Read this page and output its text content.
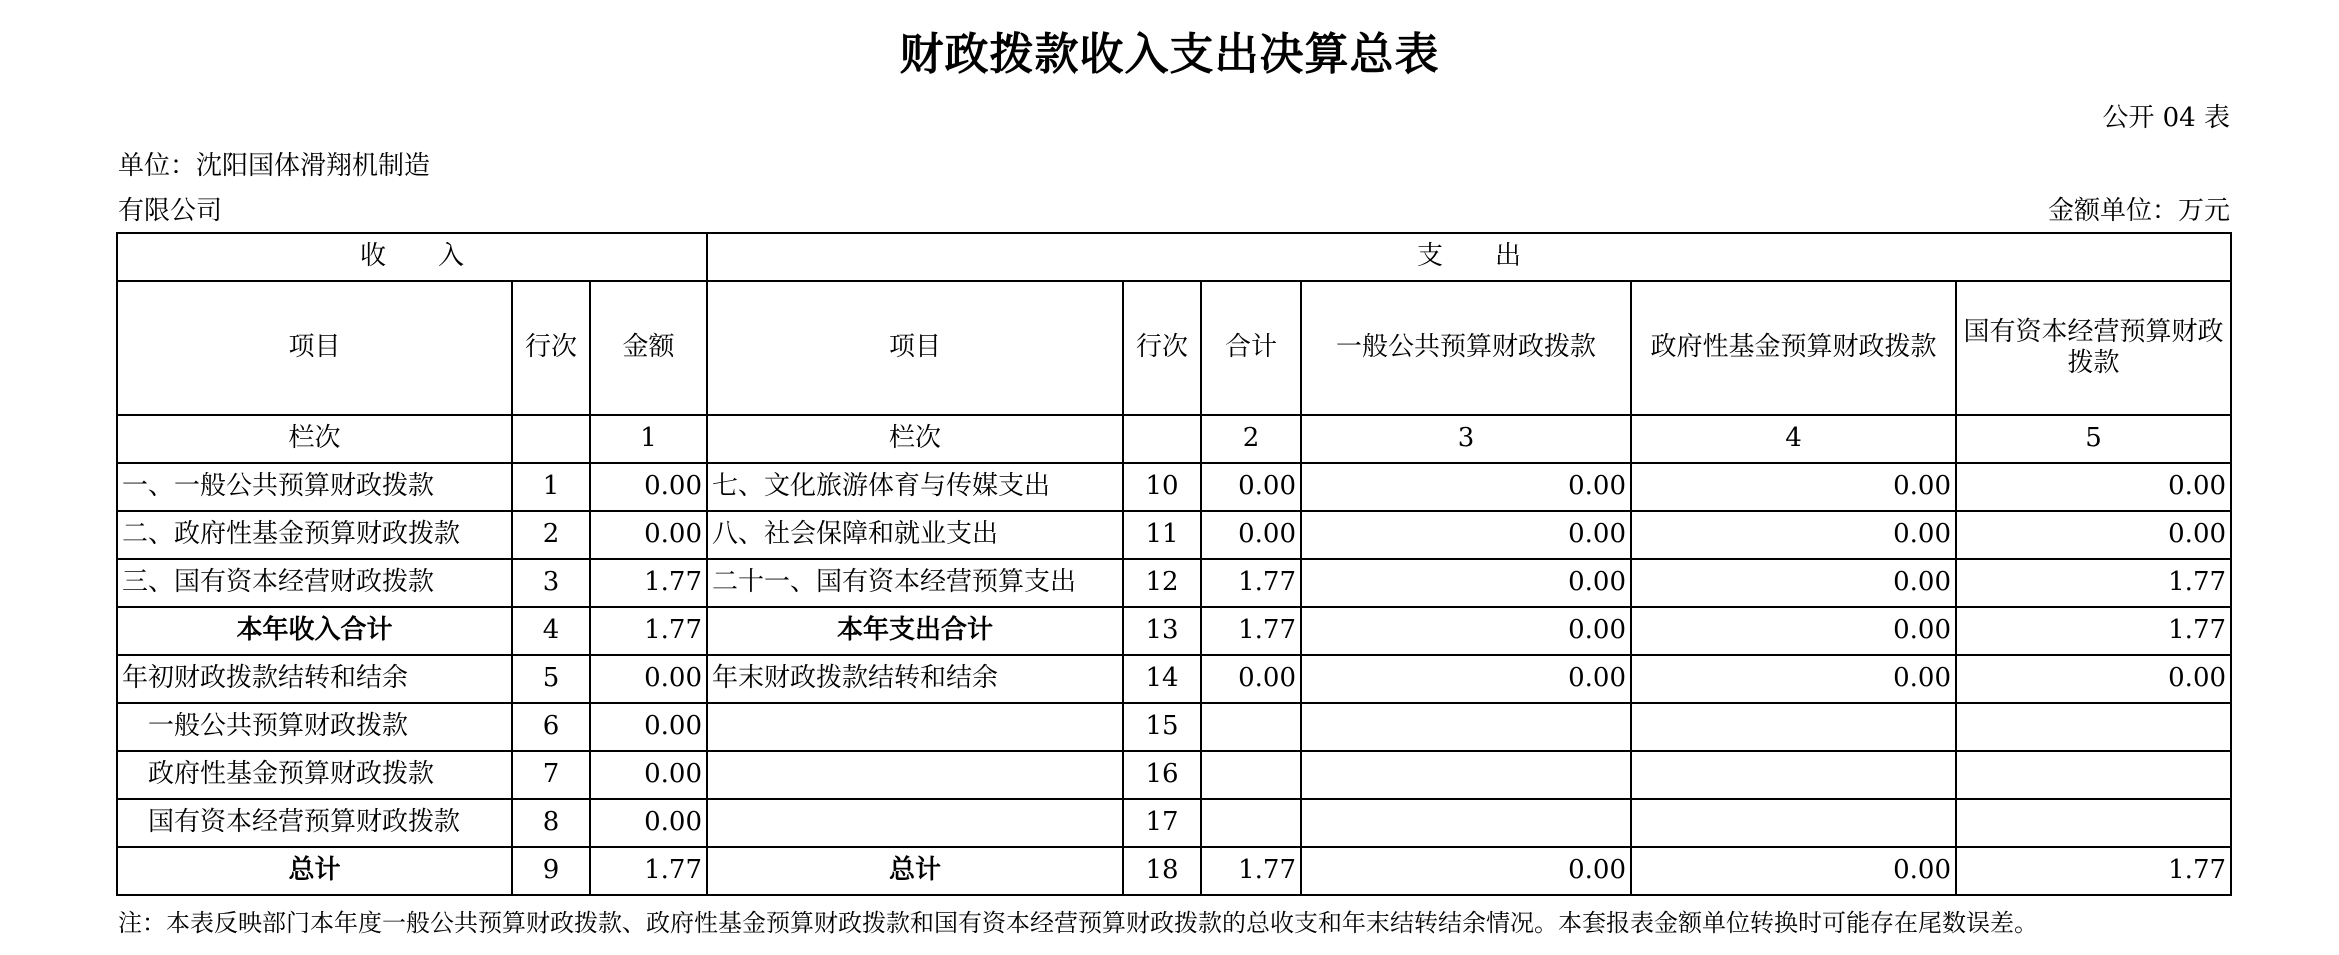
财政拨款收入支出决算总表
公开 04 表
单位：沈阳国体滑翔机制造
有限公司	金额单位：万元
收　　入			支　　出					
项目	行次	金额	项目	行次	合计	一般公共预算财政拨款	政府性基金预算财政拨款	国有资本经营预算财政拨款
栏次		1	栏次		2	3	4	5
一、一般公共预算财政拨款	1	0.00	七、文化旅游体育与传媒支出	10	0.00	0.00	0.00	0.00
二、政府性基金预算财政拨款	2	0.00	八、社会保障和就业支出	11	0.00	0.00	0.00	0.00
三、国有资本经营财政拨款	3	1.77	二十一、国有资本经营预算支出	12	1.77	0.00	0.00	1.77
本年收入合计	4	1.77	本年支出合计	13	1.77	0.00	0.00	1.77
年初财政拨款结转和结余	5	0.00	年末财政拨款结转和结余	14	0.00	0.00	0.00	0.00
一般公共预算财政拨款	6	0.00		15				
政府性基金预算财政拨款	7	0.00		16				
国有资本经营预算财政拨款	8	0.00		17				
总计	9	1.77	总计	18	1.77	0.00	0.00	1.77
注：本表反映部门本年度一般公共预算财政拨款、政府性基金预算财政拨款和国有资本经营预算财政拨款的总收支和年末结转结余情况。本套报表金额单位转换时可能存在尾数误差。
